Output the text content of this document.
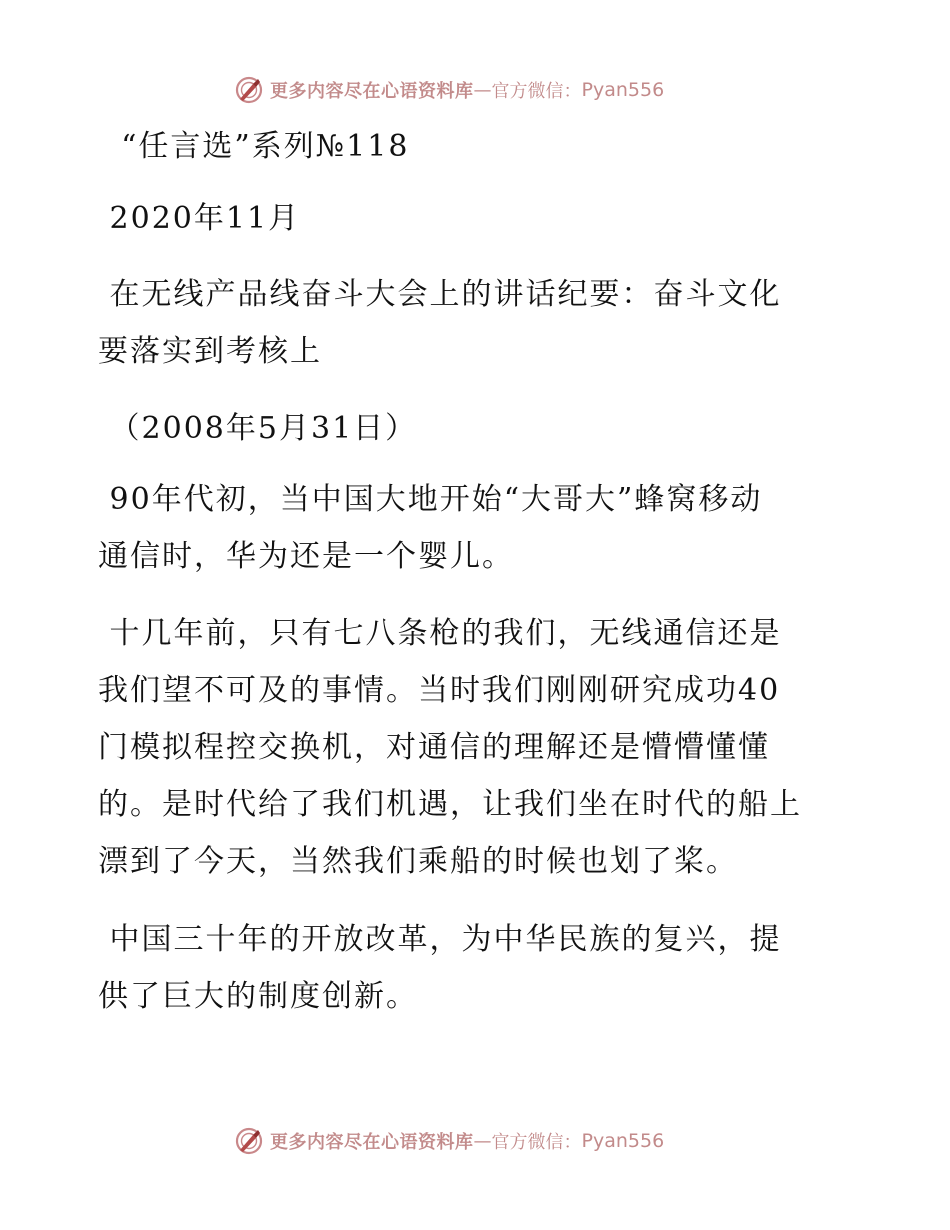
更多内容尽在心语资料库 — 官方微信： Pyan556
“任言选”系列№118
2020年11月
在无线产品线奋斗大会上的讲话纪要：奋斗文化
要落实到考核上
（2008年5月31日）
90年代初，当中国大地开始“大哥大”蜂窝移动
通信时，华为还是一个婴儿。
十几年前，只有七八条枪的我们，无线通信还是
我们望不可及的事情。当时我们刚刚研究成功40
门模拟程控交换机，对通信的理解还是懵懵懂懂
的。是时代给了我们机遇，让我们坐在时代的船上
漂到了今天，当然我们乘船的时候也划了桨。
中国三十年的开放改革，为中华民族的复兴，提
供了巨大的制度创新。
更多内容尽在心语资料库 — 官方微信： Pyan556
